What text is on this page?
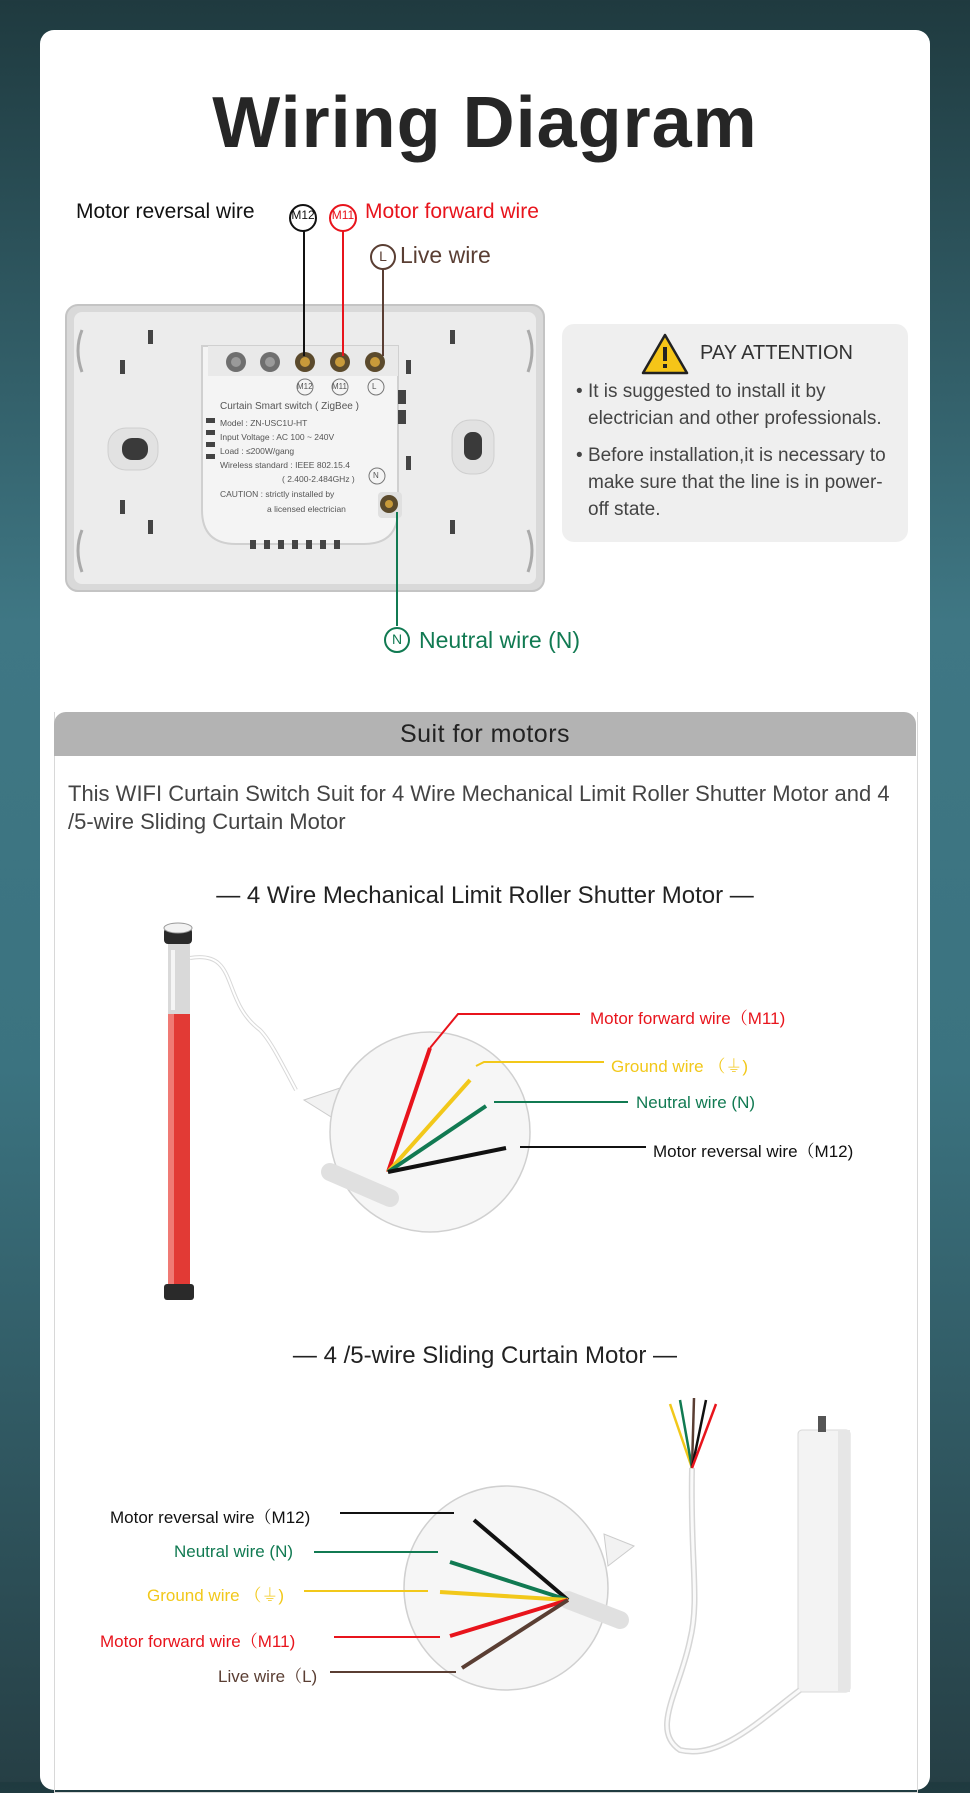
Wiring Diagram
M12 M11
L
N
Motor reversal wire	Motor forward wire
Live wire
Neutral wire (N)
M12 M11	L
N
Curtain Smart switch ( ZigBee )
Model : ZN-USC1U-HT
Input Voltage : AC 100 ~ 240V
Load : ≤200W/gang
Wireless standard : IEEE 802.15.4
( 2.400-2.484GHz )
CAUTION : strictly installed by
a licensed electrician
PAY ATTENTION
• It is suggested to install it by electrician and other professionals.
• Before installation,it is necessary to make sure that the line is in power-off state.
Suit for motors
This WIFI Curtain Switch Suit for 4 Wire Mechanical Limit Roller Shutter Motor and 4 /5-wire Sliding Curtain Motor
— 4 Wire Mechanical Limit Roller Shutter Motor —
— 4 /5-wire Sliding Curtain Motor —
Motor forward wire（M11)
Ground wire （⏚)
Neutral wire (N)
Motor reversal wire（M12)
Motor reversal wire（M12)
Neutral wire (N)
Ground wire （⏚)
Motor forward wire（M11)
Live wire（L)
